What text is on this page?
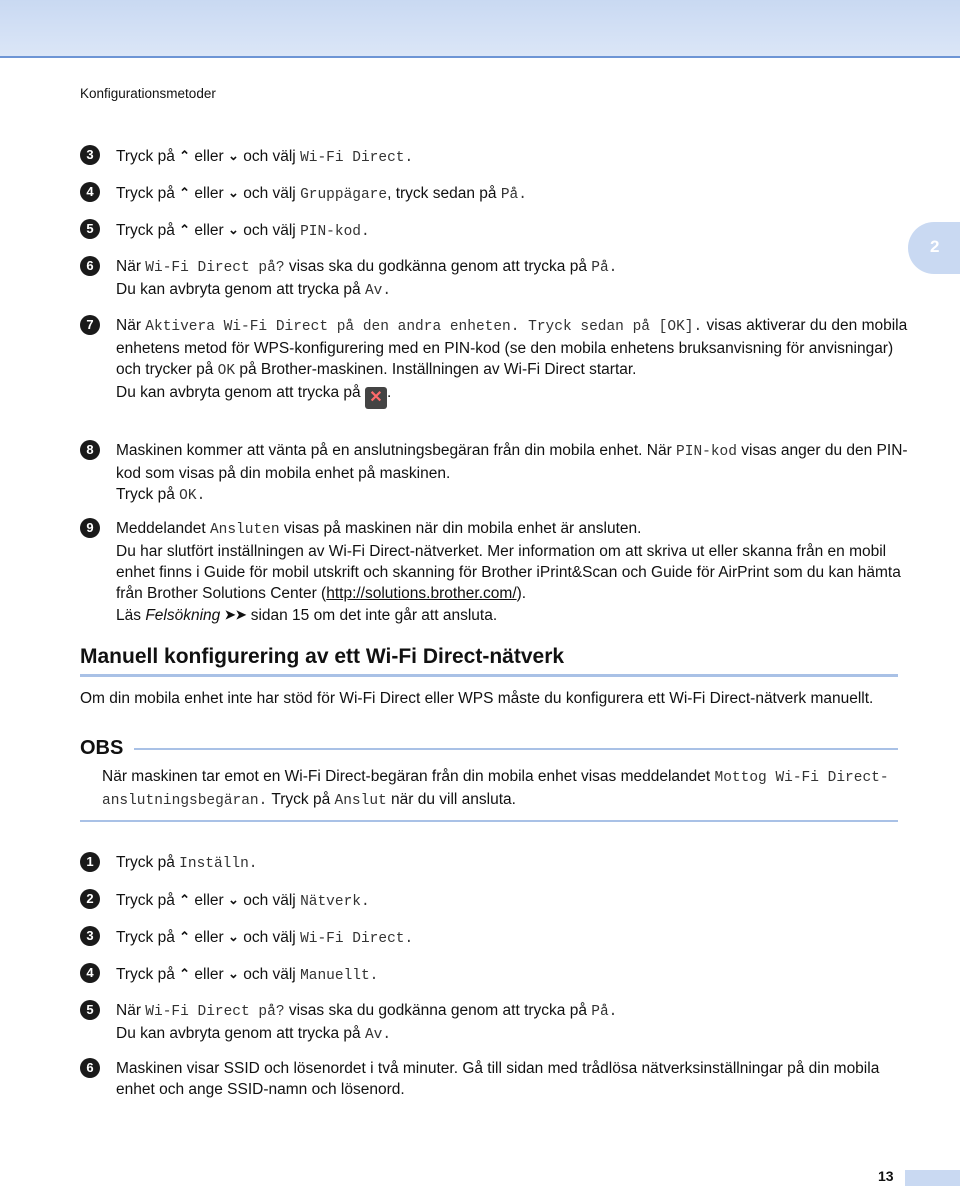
Konfigurationsmetoder
2
3	Tryck på ⌃ eller ⌄ och välj Wi-Fi Direct.
4	Tryck på ⌃ eller ⌄ och välj Gruppägare, tryck sedan på På.
5	Tryck på ⌃ eller ⌄ och välj PIN-kod.
6	När Wi-Fi Direct på? visas ska du godkänna genom att trycka på På.
Du kan avbryta genom att trycka på Av.
7	När Aktivera Wi-Fi Direct på den andra enheten. Tryck sedan på [OK]. visas aktiverar du den mobila enhetens metod för WPS-konfigurering med en PIN-kod (se den mobila enhetens bruksanvisning för anvisningar) och trycker på OK på Brother-maskinen. Inställningen av Wi-Fi Direct startar.
Du kan avbryta genom att trycka på ✕ .
8	Maskinen kommer att vänta på en anslutningsbegäran från din mobila enhet. När PIN-kod visas anger du den PIN-kod som visas på din mobila enhet på maskinen.
Tryck på OK.
9	Meddelandet Ansluten visas på maskinen när din mobila enhet är ansluten.
Du har slutfört inställningen av Wi-Fi Direct-nätverket. Mer information om att skriva ut eller skanna från en mobil enhet finns i Guide för mobil utskrift och skanning för Brother iPrint&Scan och Guide för AirPrint som du kan hämta från Brother Solutions Center (http://solutions.brother.com/).
Läs Felsökning ➤➤ sidan 15 om det inte går att ansluta.
Manuell konfigurering av ett Wi-Fi Direct-nätverk
Om din mobila enhet inte har stöd för Wi-Fi Direct eller WPS måste du konfigurera ett Wi-Fi Direct-nätverk manuellt.
OBS
När maskinen tar emot en Wi-Fi Direct-begäran från din mobila enhet visas meddelandet Mottog Wi-Fi Direct- anslutningsbegäran. Tryck på Anslut när du vill ansluta.
1	Tryck på Inställn.
2	Tryck på ⌃ eller ⌄ och välj Nätverk.
3	Tryck på ⌃ eller ⌄ och välj Wi-Fi Direct.
4	Tryck på ⌃ eller ⌄ och välj Manuellt.
5	När Wi-Fi Direct på? visas ska du godkänna genom att trycka på På.
Du kan avbryta genom att trycka på Av.
6	Maskinen visar SSID och lösenordet i två minuter. Gå till sidan med trådlösa nätverksinställningar på din mobila enhet och ange SSID-namn och lösenord.
13
